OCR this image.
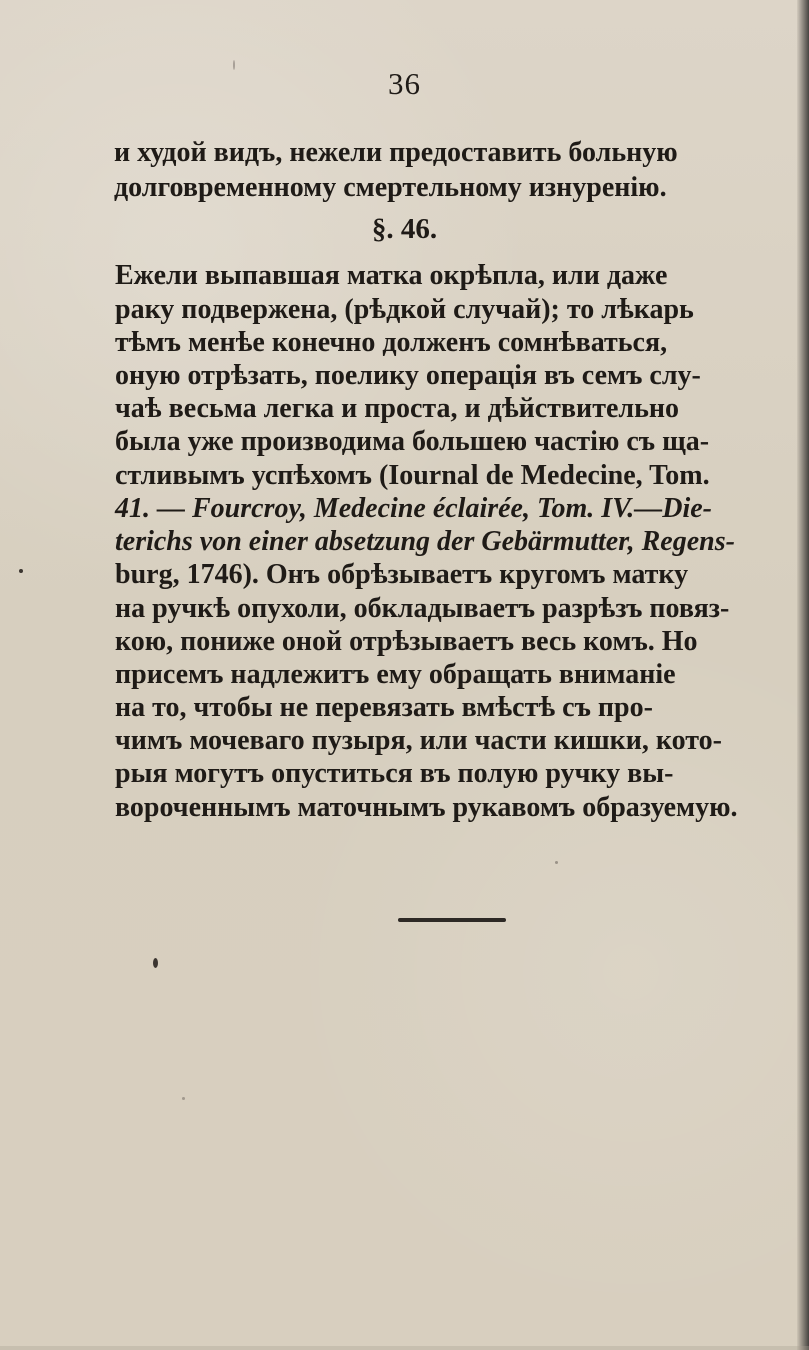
36
и худой видъ, нежели предоставить больную
долговременному смертельному изнуренію.
§. 46.
Ежели выпавшая матка окрѣпла, или даже
раку подвержена, (рѣдкой случай); то лѣкарь
тѣмъ менѣе конечно долженъ сомнѣваться,
оную отрѣзать, поелику операція въ семъ слу-
чаѣ весьма легка и проста, и дѣйствительно
была уже производима большею частію съ ща-
стливымъ успѣхомъ (Iournal de Medecine, Tom.
41. — Fourcroy, Medecine éclairée, Tom. IV.—Die-
terichs von einer absetzung der Gebärmutter, Regens-
burg, 1746). Онъ обрѣзываетъ кругомъ матку
на ручкѣ опухоли, обкладываетъ разрѣзъ повяз-
кою, пониже оной отрѣзываетъ весь комъ. Но
присемъ надлежитъ ему обращать вниманіе
на то, чтобы не перевязать вмѣстѣ съ про-
чимъ мочеваго пузыря, или части кишки, кото-
рыя могутъ опуститься въ полую ручку вы-
вороченнымъ маточнымъ рукавомъ образуемую.
